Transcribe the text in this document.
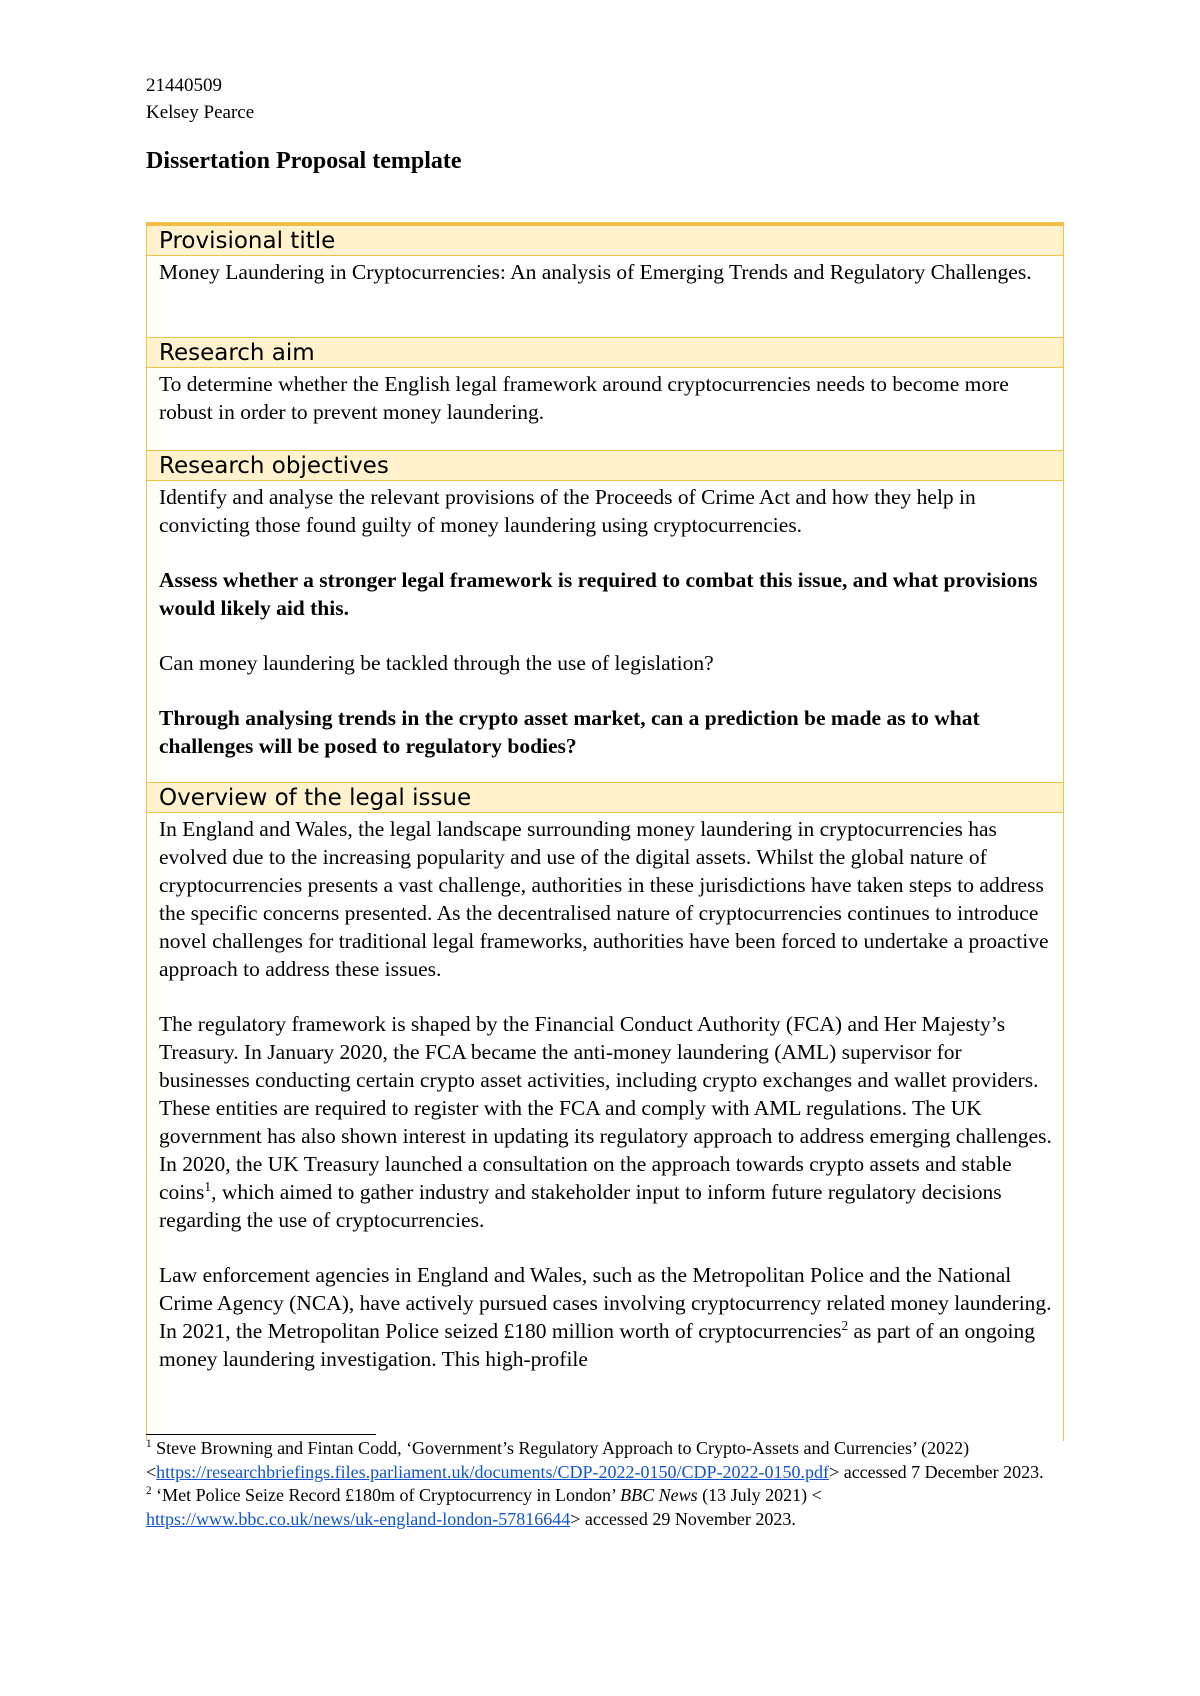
21440509
Kelsey Pearce
Dissertation Proposal template
Provisional title

Money Laundering in Cryptocurrencies: An analysis of Emerging Trends and Regulatory Challenges.

Research aim

To determine whether the English legal framework around cryptocurrencies needs to become more robust in order to prevent money laundering.

Research objectives

Identify and analyse the relevant provisions of the Proceeds of Crime Act and how they help in convicting those found guilty of money laundering using cryptocurrencies.

Assess whether a stronger legal framework is required to combat this issue, and what provisions would likely aid this.

Can money laundering be tackled through the use of legislation?

Through analysing trends in the crypto asset market, can a prediction be made as to what challenges will be posed to regulatory bodies?

Overview of the legal issue

In England and Wales, the legal landscape surrounding money laundering in cryptocurrencies has evolved due to the increasing popularity and use of the digital assets. Whilst the global nature of cryptocurrencies presents a vast challenge, authorities in these jurisdictions have taken steps to address the specific concerns presented. As the decentralised nature of cryptocurrencies continues to introduce novel challenges for traditional legal frameworks, authorities have been forced to undertake a proactive approach to address these issues.

The regulatory framework is shaped by the Financial Conduct Authority (FCA) and Her Majesty’s Treasury. In January 2020, the FCA became the anti-money laundering (AML) supervisor for businesses conducting certain crypto asset activities, including crypto exchanges and wallet providers. These entities are required to register with the FCA and comply with AML regulations. The UK government has also shown interest in updating its regulatory approach to address emerging challenges. In 2020, the UK Treasury launched a consultation on the approach towards crypto assets and stable coins$^1$, which aimed to gather industry and stakeholder input to inform future regulatory decisions regarding the use of cryptocurrencies.

Law enforcement agencies in England and Wales, such as the Metropolitan Police and the National Crime Agency (NCA), have actively pursued cases involving cryptocurrency related money laundering. In 2021, the Metropolitan Police seized £180 million worth of cryptocurrencies$^2$ as part of an ongoing money laundering investigation. This high-profile

$^1$ Steve Browning and Fintan Codd, ‘Government’s Regulatory Approach to Crypto-Assets and Currencies’ (2022) <https://researchbriefings.files.parliament.uk/documents/CDP-2022-0150/CDP-2022-0150.pdf> accessed 7 December 2023.
$^2$ ‘Met Police Seize Record £180m of Cryptocurrency in London’ BBC News (13 July 2021) <
https://www.bbc.co.uk/news/uk-england-london-57816644> accessed 29 November 2023.
